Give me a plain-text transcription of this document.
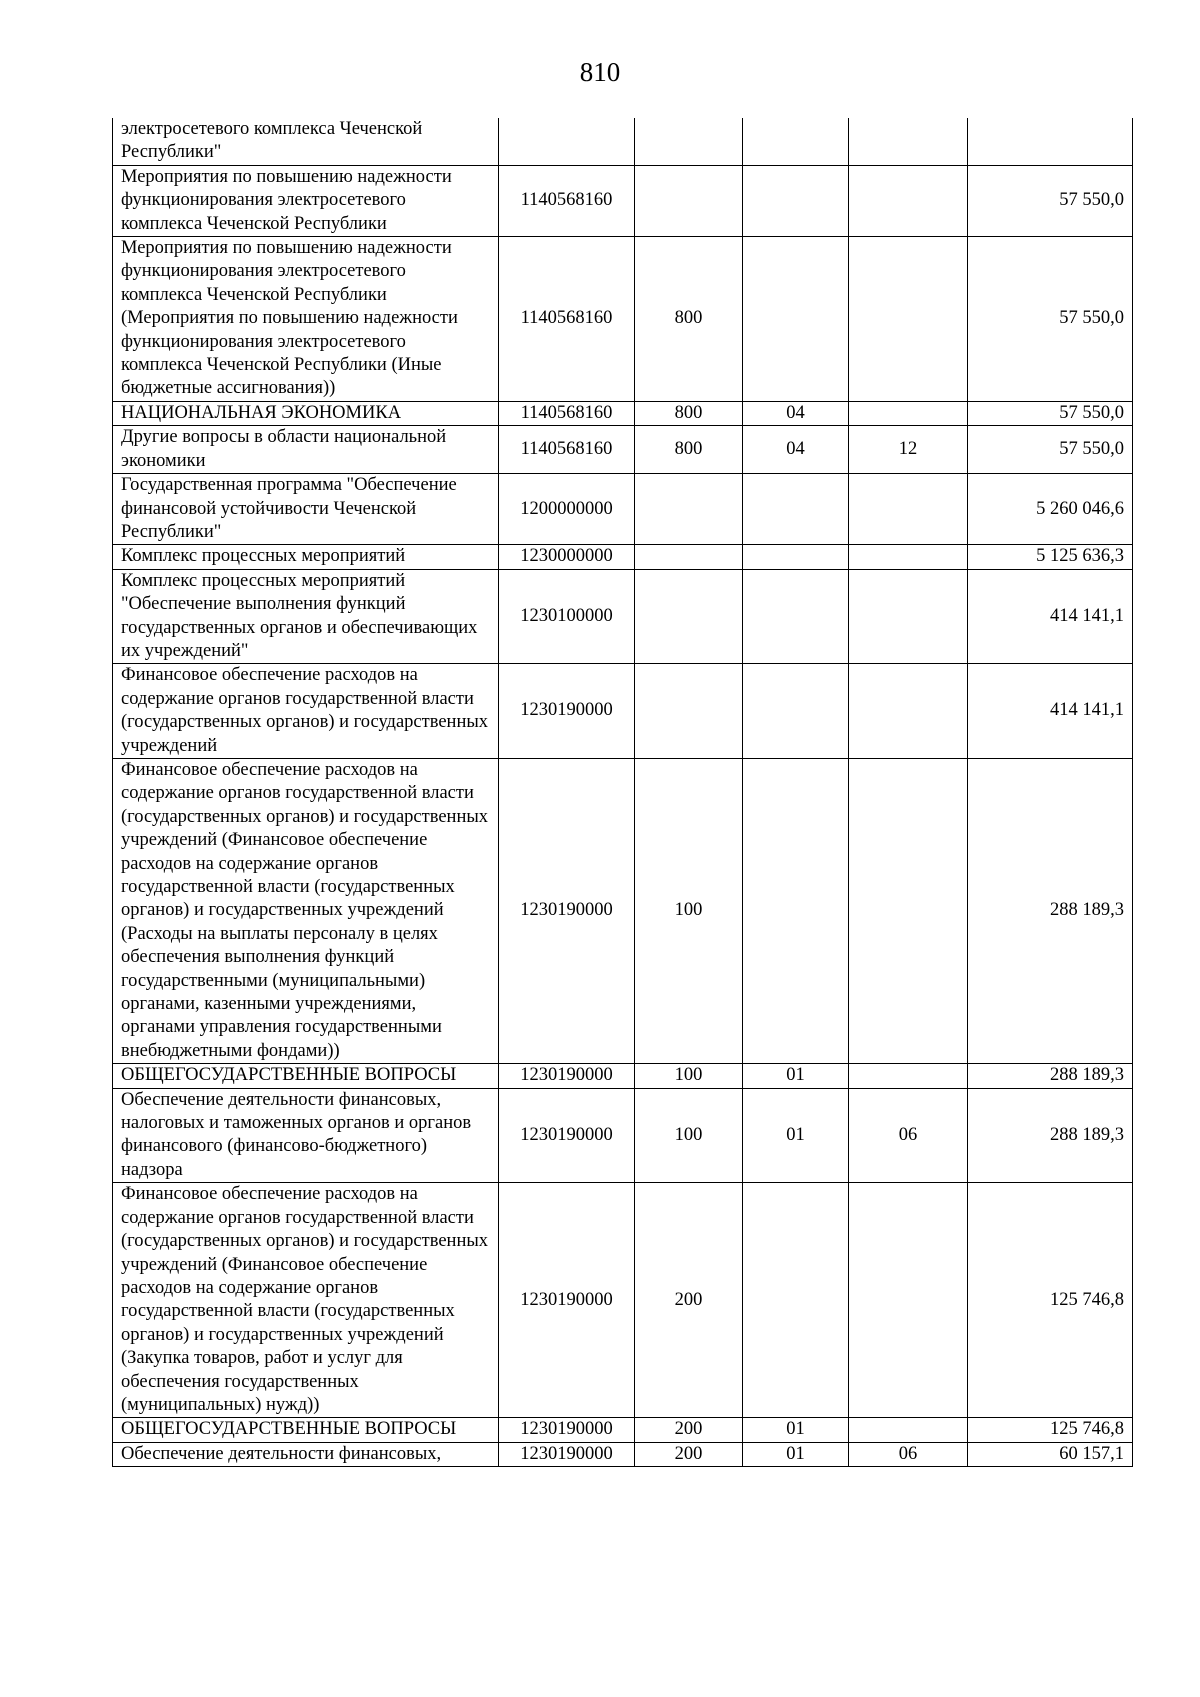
810
электросетевого комплекса Чеченской Республики"					
Мероприятия по повышению надежности функционирования электросетевого комплекса Чеченской Республики	1140568160				57 550,0
Мероприятия по повышению надежности функционирования электросетевого комплекса Чеченской Республики (Мероприятия по повышению надежности функционирования электросетевого комплекса Чеченской Республики (Иные бюджетные ассигнования))	1140568160	800			57 550,0
НАЦИОНАЛЬНАЯ ЭКОНОМИКА	1140568160	800	04		57 550,0
Другие вопросы в области национальной экономики	1140568160	800	04	12	57 550,0
Государственная программа "Обеспечение финансовой устойчивости Чеченской Республики"	1200000000				5 260 046,6
Комплекс процессных мероприятий	1230000000				5 125 636,3
Комплекс процессных мероприятий "Обеспечение выполнения функций государственных органов и обеспечивающих их учреждений"	1230100000				414 141,1
Финансовое обеспечение расходов на содержание органов государственной власти (государственных органов) и государственных учреждений	1230190000				414 141,1
Финансовое обеспечение расходов на содержание органов государственной власти (государственных органов) и государственных учреждений (Финансовое обеспечение расходов на содержание органов государственной власти (государственных органов) и государственных учреждений (Расходы на выплаты персоналу в целях обеспечения выполнения функций государственными (муниципальными) органами, казенными учреждениями, органами управления государственными внебюджетными фондами))	1230190000	100			288 189,3
ОБЩЕГОСУДАРСТВЕННЫЕ ВОПРОСЫ	1230190000	100	01		288 189,3
Обеспечение деятельности финансовых, налоговых и таможенных органов и органов финансового (финансово-бюджетного) надзора	1230190000	100	01	06	288 189,3
Финансовое обеспечение расходов на содержание органов государственной власти (государственных органов) и государственных учреждений (Финансовое обеспечение расходов на содержание органов государственной власти (государственных органов) и государственных учреждений (Закупка товаров, работ и услуг для обеспечения государственных (муниципальных) нужд))	1230190000	200			125 746,8
ОБЩЕГОСУДАРСТВЕННЫЕ ВОПРОСЫ	1230190000	200	01		125 746,8
Обеспечение деятельности финансовых,	1230190000	200	01	06	60 157,1
